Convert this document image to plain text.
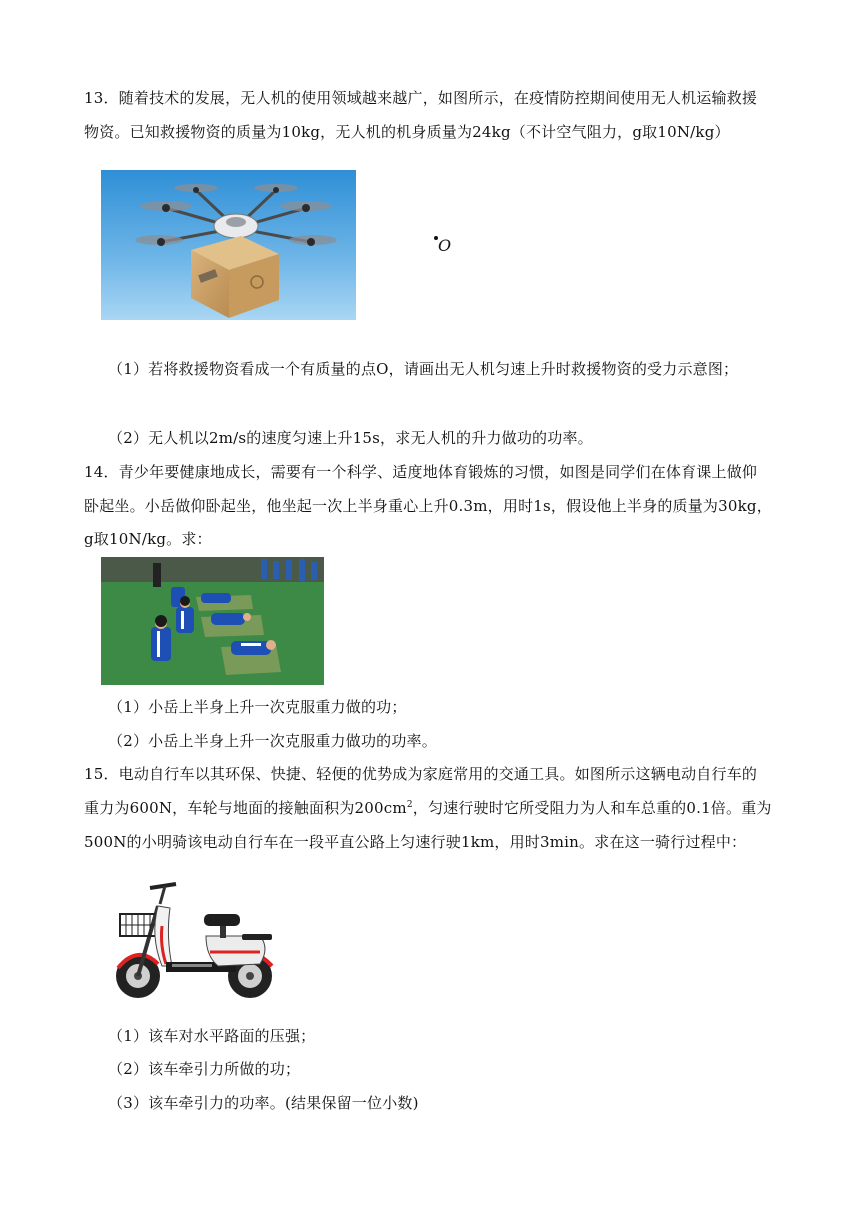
13．随着技术的发展，无人机的使用领域越来越广，如图所示，在疫情防控期间使用无人机运输救援
物资。已知救援物资的质量为10kg，无人机的机身质量为24kg（不计空气阻力，g取10N/kg）
O
（1）若将救援物资看成一个有质量的点O，请画出无人机匀速上升时救援物资的受力示意图；
（2）无人机以2m/s的速度匀速上升15s，求无人机的升力做功的功率。
14．青少年要健康地成长，需要有一个科学、适度地体育锻炼的习惯，如图是同学们在体育课上做仰
卧起坐。小岳做仰卧起坐，他坐起一次上半身重心上升0.3m，用时1s，假设他上半身的质量为30kg，
g取10N/kg。求：
（1）小岳上半身上升一次克服重力做的功；
（2）小岳上半身上升一次克服重力做功的功率。
15．电动自行车以其环保、快捷、轻便的优势成为家庭常用的交通工具。如图所示这辆电动自行车的
重力为600N，车轮与地面的接触面积为$200cm^2$，匀速行驶时它所受阻力为人和车总重的0.1倍。重为
500N的小明骑该电动自行车在一段平直公路上匀速行驶1km，用时3min。求在这一骑行过程中：
（1）该车对水平路面的压强；
（2）该车牵引力所做的功；
（3）该车牵引力的功率。(结果保留一位小数)
